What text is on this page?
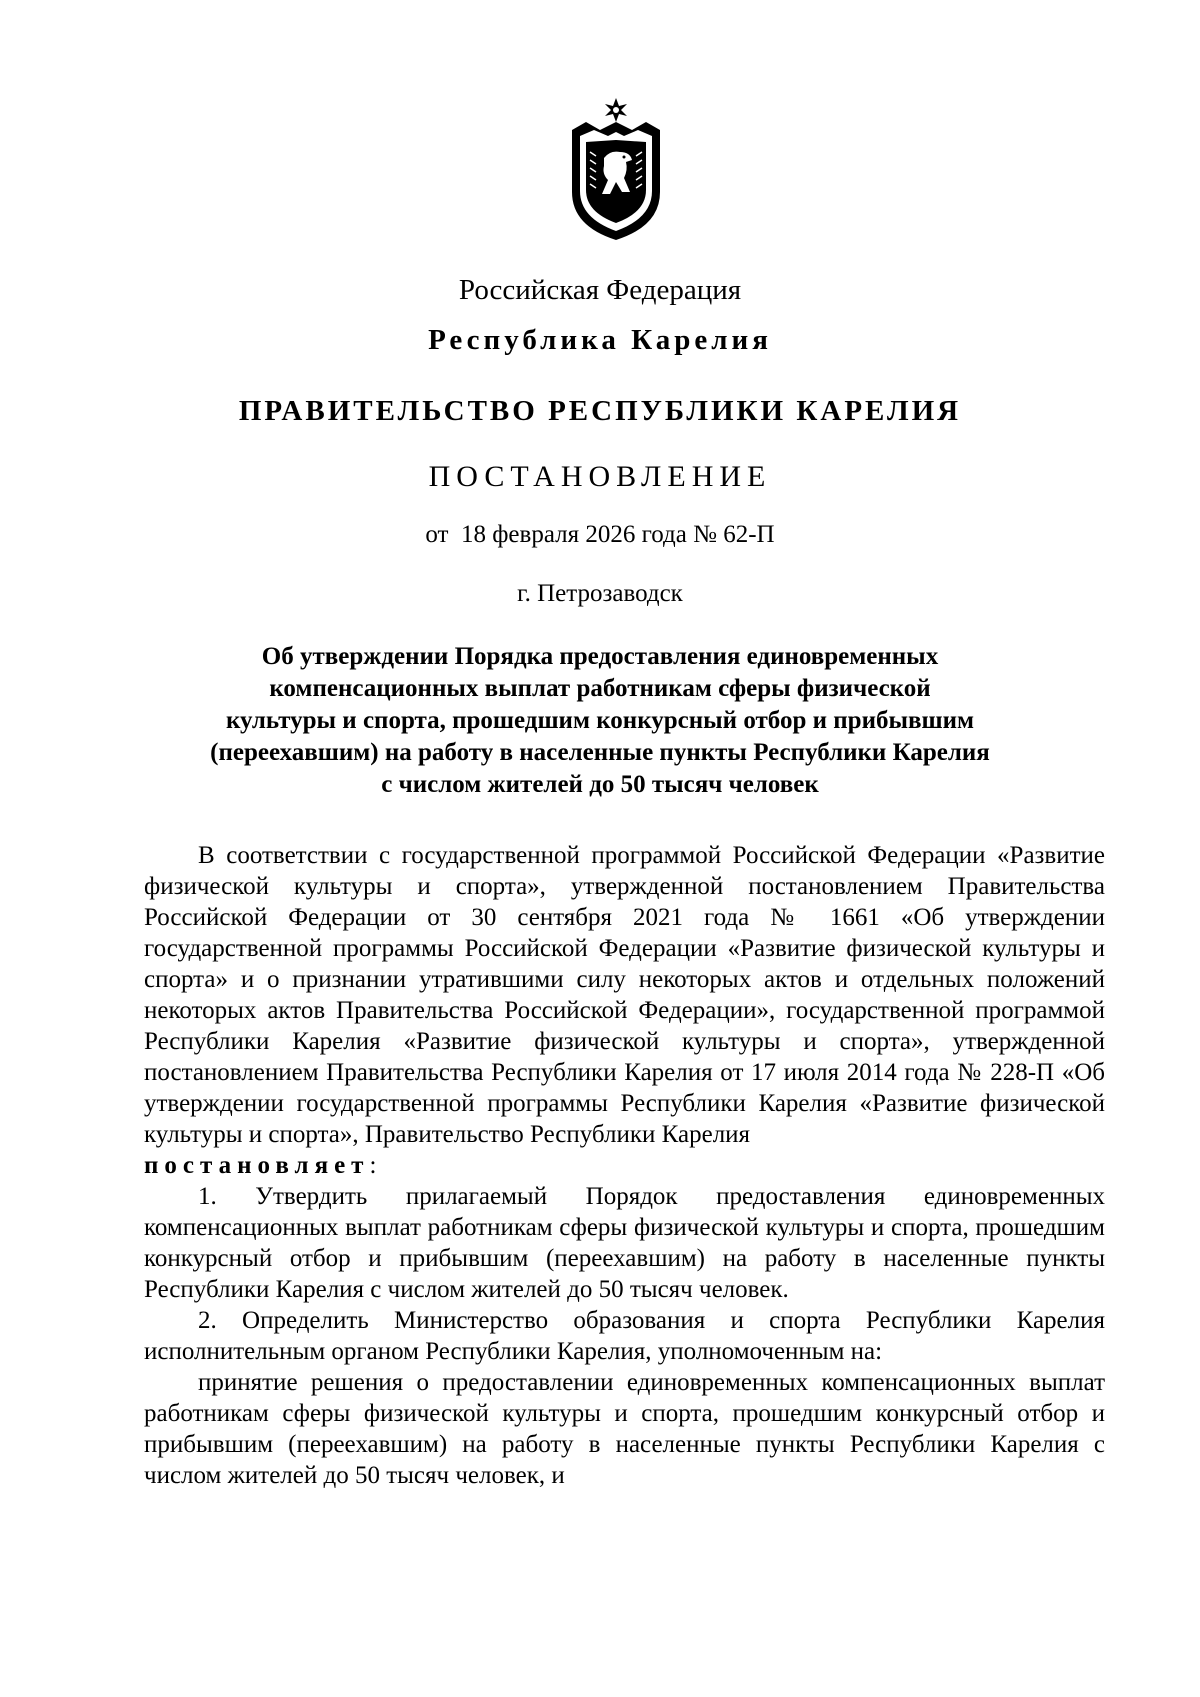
Российская Федерация
Республика Карелия
ПРАВИТЕЛЬСТВО РЕСПУБЛИКИ КАРЕЛИЯ
ПОСТАНОВЛЕНИЕ
от  18 февраля 2026 года № 62-П
г. Петрозаводск
Об утверждении Порядка предоставления единовременных
компенсационных выплат работникам сферы физической
культуры и спорта, прошедшим конкурсный отбор и прибывшим
(переехавшим) на работу в населенные пункты Республики Карелия
с числом жителей до 50 тысяч человек

В соответствии с государственной программой Российской Федерации «Развитие физической культуры и спорта», утвержденной постановлением Правительства Российской Федерации от 30 сентября 2021 года № 1661 «Об утверждении государственной программы Российской Федерации «Развитие физической культуры и спорта» и о признании утратившими силу некоторых актов и отдельных положений некоторых актов Правительства Российской Федерации», государственной программой Республики Карелия «Развитие физической культуры и спорта», утвержденной постановлением Правительства Республики Карелия от 17 июля 2014 года № 228-П «Об утверждении государственной программы Республики Карелия «Развитие физической культуры и спорта», Правительство Республики Карелия

постановляет:

1. Утвердить прилагаемый Порядок предоставления единовременных компенсационных выплат работникам сферы физической культуры и спорта, прошедшим конкурсный отбор и прибывшим (переехавшим) на работу в населенные пункты Республики Карелия с числом жителей до 50 тысяч человек.

2. Определить Министерство образования и спорта Республики Карелия исполнительным органом Республики Карелия, уполномоченным на:

принятие решения о предоставлении единовременных компенсационных выплат работникам сферы физической культуры и спорта, прошедшим конкурсный отбор и прибывшим (переехавшим) на работу в населенные пункты Республики Карелия с числом жителей до 50 тысяч человек, и
